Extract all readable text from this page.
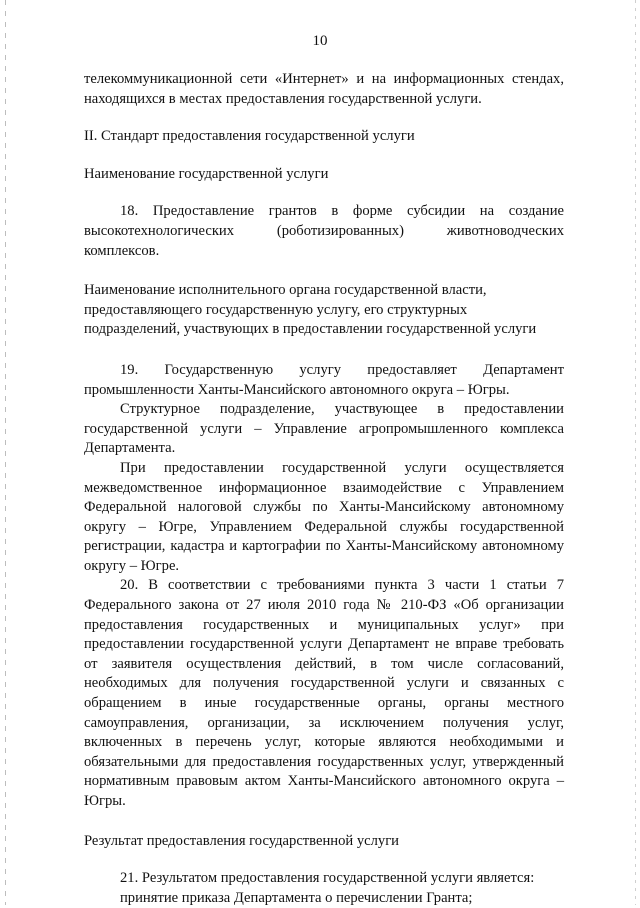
10

телекоммуникационной сети «Интернет» и на информационных стендах, находящихся в местах предоставления государственной услуги.

II. Стандарт предоставления государственной услуги

Наименование государственной услуги

18. Предоставление грантов в форме субсидии на создание высокотехнологических (роботизированных) животноводческих комплексов.

Наименование исполнительного органа государственной власти,

предоставляющего государственную услугу, его структурных

подразделений, участвующих в предоставлении государственной услуги

19. Государственную услугу предоставляет Департамент промышленности Ханты-Мансийского автономного округа – Югры.

Структурное подразделение, участвующее в предоставлении государственной услуги – Управление агропромышленного комплекса Департамента.

При предоставлении государственной услуги осуществляется межведомственное информационное взаимодействие с Управлением Федеральной налоговой службы по Ханты-Мансийскому автономному округу – Югре, Управлением Федеральной службы государственной регистрации, кадастра и картографии по Ханты-Мансийскому автономному округу – Югре.

20. В соответствии с требованиями пункта 3 части 1 статьи 7 Федерального закона от 27 июля 2010 года № 210-ФЗ «Об организации предоставления государственных и муниципальных услуг» при предоставлении государственной услуги Департамент не вправе требовать от заявителя осуществления действий, в том числе согласований, необходимых для получения государственной услуги и связанных с обращением в иные государственные органы, органы местного самоуправления, организации, за исключением получения услуг, включенных в перечень услуг, которые являются необходимыми и обязательными для предоставления государственных услуг, утвержденный нормативным правовым актом Ханты-Мансийского автономного округа – Югры.

Результат предоставления государственной услуги

21. Результатом предоставления государственной услуги является:

принятие приказа Департамента о перечислении Гранта;
